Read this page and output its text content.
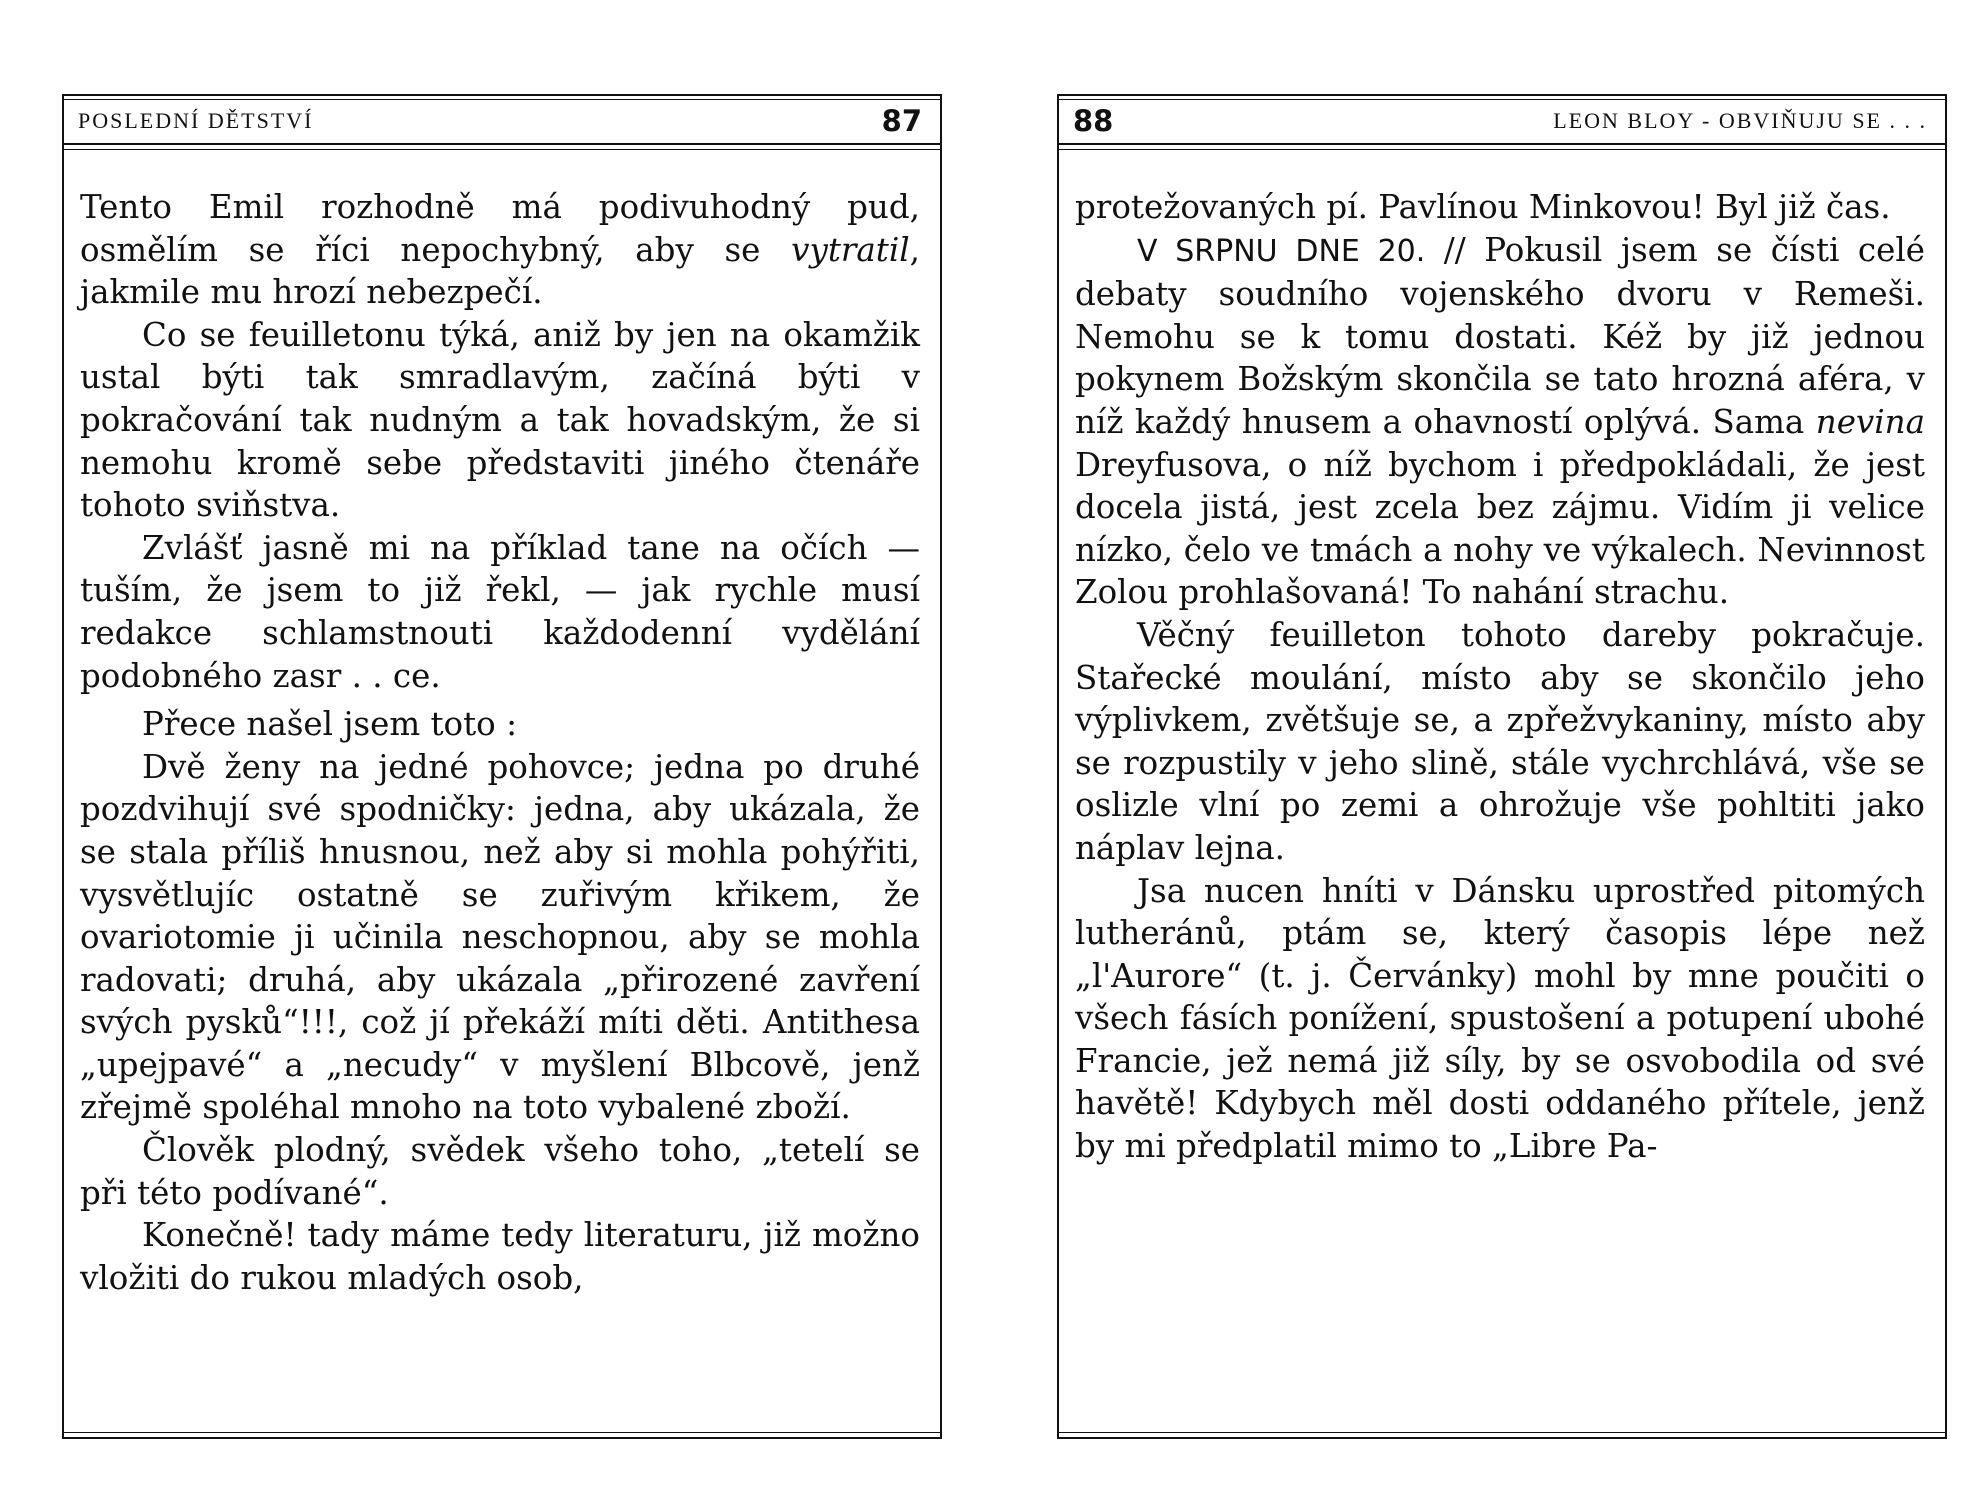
POSLEDNÍ DĚTSTVÍ	87

Tento Emil rozhodně má podivuhodný pud, osmělím se říci nepochybný, aby se vytratil, jakmile mu hrozí nebezpečí.

Co se feuilletonu týká, aniž by jen na okamžik ustal býti tak smradlavým, začíná býti v pokračování tak nudným a tak hovadským, že si nemohu kromě sebe představiti jiného čtenáře tohoto sviňstva.

Zvlášť jasně mi na příklad tane na očích — tuším, že jsem to již řekl, — jak rychle musí redakce schlamstnouti každodenní vydělání podobného zasr . . ce.

Přece našel jsem toto :

Dvě ženy na jedné pohovce; jedna po druhé pozdvihují své spodničky: jedna, aby ukázala, že se stala příliš hnusnou, než aby si mohla pohýřiti, vysvětlujíc ostatně se zuřivým křikem, že ovariotomie ji učinila neschopnou, aby se mohla radovati; druhá, aby ukázala „přirozené zavření svých pysků“!!!, což jí překáží míti děti. Antithesa „upejpavé“ a „necudy“ v myšlení Blbcově, jenž zřejmě spoléhal mnoho na toto vybalené zboží.

Člověk plodný, svědek všeho toho, „tetelí se při této podívané“.

Konečně! tady máme tedy literaturu, již možno vložiti do rukou mladých osob,

88	LEON BLOY - OBVIŇUJU SE . . .

protežovaných pí. Pavlínou Minkovou! Byl již čas.

V SRPNU DNE 20. // Pokusil jsem se čísti celé debaty soudního vojenského dvoru v Remeši. Nemohu se k tomu dostati. Kéž by již jednou pokynem Božským skončila se tato hrozná aféra, v níž každý hnusem a ohavností oplývá. Sama nevina Dreyfusova, o níž bychom i předpokládali, že jest docela jistá, jest zcela bez zájmu. Vidím ji velice nízko, čelo ve tmách a nohy ve výkalech. Nevinnost Zolou prohlašovaná! To nahání strachu.

Věčný feuilleton tohoto dareby pokračuje. Stařecké moulání, místo aby se skončilo jeho výplivkem, zvětšuje se, a zpřežvykaniny, místo aby se rozpustily v jeho slině, stále vychrchlává, vše se oslizle vlní po zemi a ohrožuje vše pohltiti jako náplav lejna.

Jsa nucen hníti v Dánsku uprostřed pitomých lutheránů, ptám se, který časopis lépe než „l'Aurore“ (t. j. Červánky) mohl by mne poučiti o všech fásích ponížení, spustošení a potupení ubohé Francie, jež nemá již síly, by se osvobodila od své havětě! Kdybych měl dosti oddaného přítele, jenž by mi předplatil mimo to „Libre Pa-
